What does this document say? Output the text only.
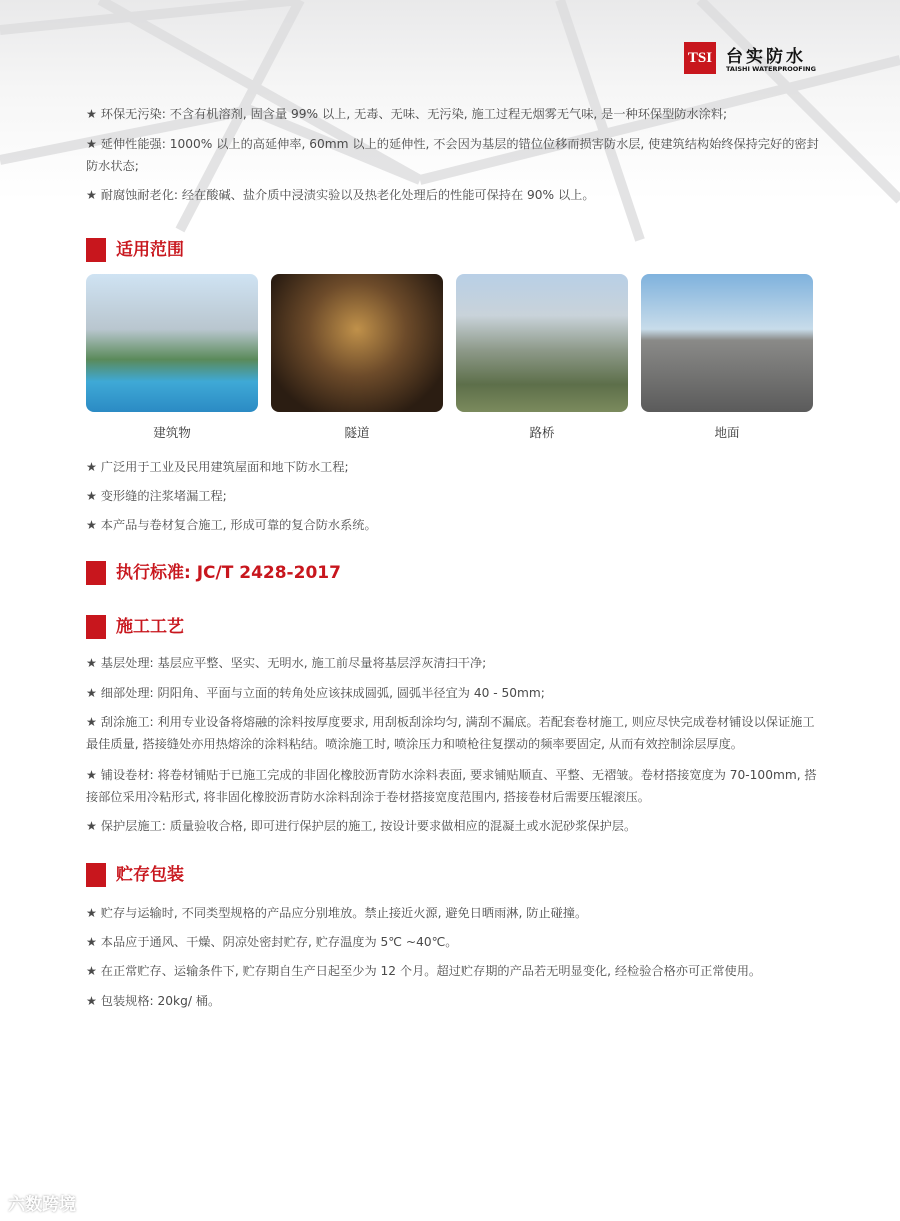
TSI 台实防水
TAISHI WATERPROOFING
★ 环保无污染: 不含有机溶剂, 固含量 99% 以上, 无毒、无味、无污染, 施工过程无烟雾无气味, 是一种环保型防水涂料;
★ 延伸性能强: 1000% 以上的高延伸率, 60mm 以上的延伸性, 不会因为基层的错位位移而损害防水层, 使建筑结构始终保持完好的密封防水状态;
★ 耐腐蚀耐老化: 经在酸碱、盐介质中浸渍实验以及热老化处理后的性能可保持在 90% 以上。
适用范围
建筑物	隧道	路桥	地面
★ 广泛用于工业及民用建筑屋面和地下防水工程;
★ 变形缝的注浆堵漏工程;
★ 本产品与卷材复合施工, 形成可靠的复合防水系统。
执行标准: JC/T 2428-2017
施工工艺
★ 基层处理: 基层应平整、坚实、无明水, 施工前尽量将基层浮灰清扫干净;
★ 细部处理: 阴阳角、平面与立面的转角处应该抹成圆弧, 圆弧半径宜为 40 - 50mm;
★ 刮涂施工: 利用专业设备将熔融的涂料按厚度要求, 用刮板刮涂均匀, 满刮不漏底。若配套卷材施工, 则应尽快完成卷材铺设以保证施工最佳质量, 搭接缝处亦用热熔涂的涂料粘结。喷涂施工时, 喷涂压力和喷枪往复摆动的频率要固定, 从而有效控制涂层厚度。
★ 铺设卷材: 将卷材铺贴于已施工完成的非固化橡胶沥青防水涂料表面, 要求铺贴顺直、平整、无褶皱。卷材搭接宽度为 70-100mm, 搭接部位采用冷粘形式, 将非固化橡胶沥青防水涂料刮涂于卷材搭接宽度范围内, 搭接卷材后需要压辊滚压。
★ 保护层施工: 质量验收合格, 即可进行保护层的施工, 按设计要求做相应的混凝土或水泥砂浆保护层。
贮存包装
★ 贮存与运输时, 不同类型规格的产品应分别堆放。禁止接近火源, 避免日晒雨淋, 防止碰撞。
★ 本品应于通风、干燥、阴凉处密封贮存, 贮存温度为 5℃ ~40℃。
★ 在正常贮存、运输条件下, 贮存期自生产日起至少为 12 个月。超过贮存期的产品若无明显变化, 经检验合格亦可正常使用。
★ 包装规格: 20kg/ 桶。
六数跨境
